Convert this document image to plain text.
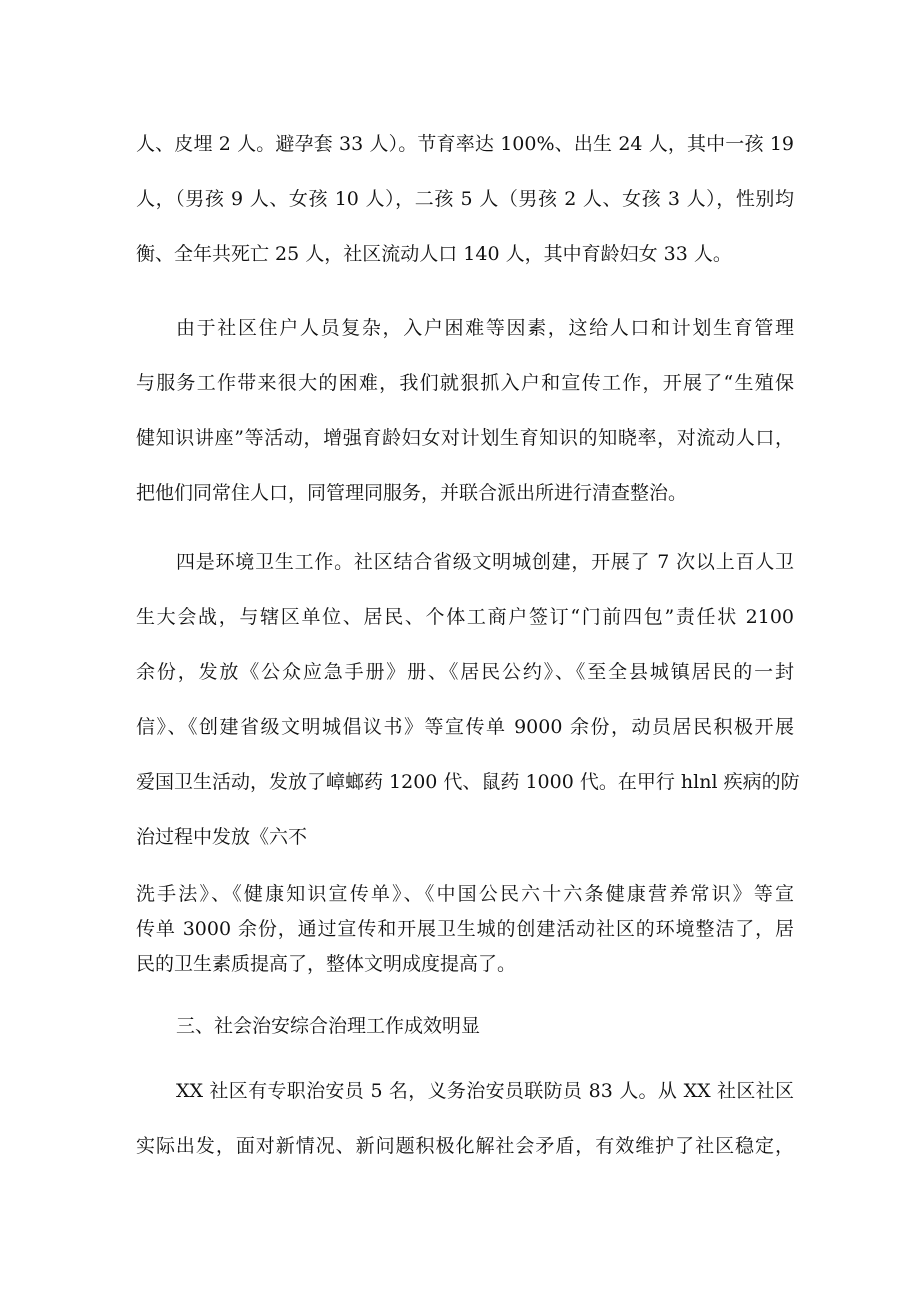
人、皮埋 2 人。避孕套 33 人）。节育率达 100%、出生 24 人，其中一孩 19
人，（男孩 9 人、女孩 10 人），二孩 5 人（男孩 2 人、女孩 3 人），性别均
衡、全年共死亡 25 人，社区流动人口 140 人，其中育龄妇女 33 人。
由于社区住户人员复杂，入户困难等因素，这给人口和计划生育管理
与服务工作带来很大的困难，我们就狠抓入户和宣传工作，开展了“生殖保
健知识讲座”等活动，增强育龄妇女对计划生育知识的知晓率，对流动人口，
把他们同常住人口，同管理同服务，并联合派出所进行清查整治。
四是环境卫生工作。社区结合省级文明城创建，开展了 7 次以上百人卫
生大会战，与辖区单位、居民、个体工商户签订“门前四包”责任状 2100
余份，发放《公众应急手册》册、《居民公约》、《至全县城镇居民的一封
信》、《创建省级文明城倡议书》等宣传单 9000 余份，动员居民积极开展
爱国卫生活动，发放了嶂螂药 1200 代、鼠药 1000 代。在甲行 hlnl 疾病的防
治过程中发放《六不
洗手法》、《健康知识宣传单》、《中国公民六十六条健康营养常识》等宣
传单 3000 余份，通过宣传和开展卫生城的创建活动社区的环境整洁了，居
民的卫生素质提高了，整体文明成度提高了。
三、社会治安综合治理工作成效明显
XX 社区有专职治安员 5 名，义务治安员联防员 83 人。从 XX 社区社区
实际出发，面对新情况、新问题积极化解社会矛盾，有效维护了社区稳定，
